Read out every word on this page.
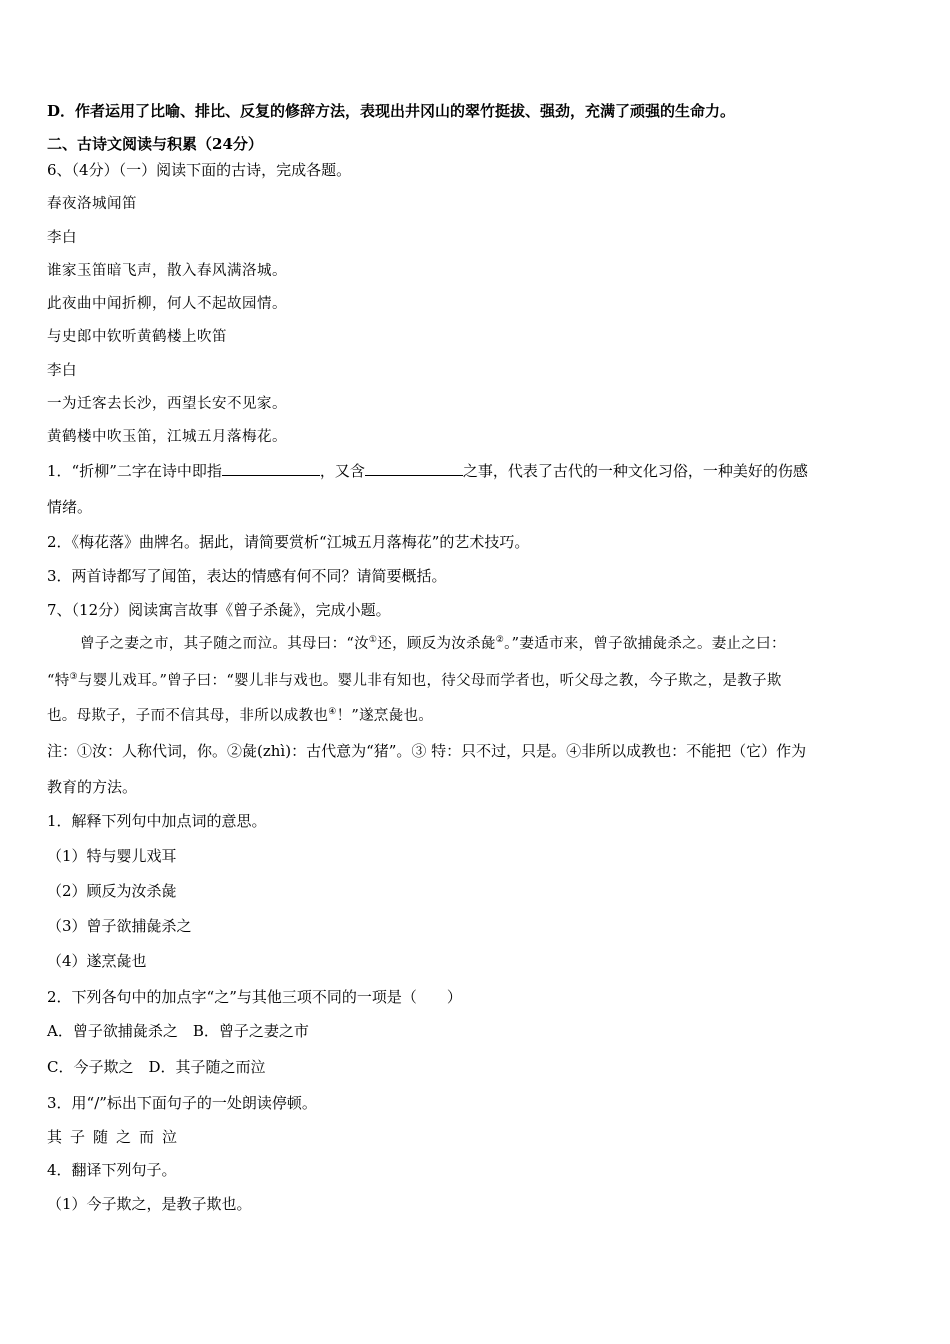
D．作者运用了比喻、排比、反复的修辞方法，表现出井冈山的翠竹挺拔、强劲，充满了顽强的生命力。
二、古诗文阅读与积累（24分）
6、（4分）（一）阅读下面的古诗，完成各题。
春夜洛城闻笛
李白
谁家玉笛暗飞声，散入春风满洛城。
此夜曲中闻折柳，何人不起故园情。
与史郎中钦听黄鹤楼上吹笛
李白
一为迁客去长沙，西望长安不见家。
黄鹤楼中吹玉笛，江城五月落梅花。
1．“折柳”二字在诗中即指	，又含	之事，代表了古代的一种文化习俗，一种美好的伤感
情绪。
2．《梅花落》曲牌名。据此，请简要赏析“江城五月落梅花”的艺术技巧。
3．两首诗都写了闻笛，表达的情感有何不同？请简要概括。
7、（12分）阅读寓言故事《曾子杀彘》，完成小题。
曾子之妻之市，其子随之而泣。其母曰：“汝①还，顾反为汝杀彘②。”妻适市来，曾子欲捕彘杀之。妻止之曰：
“特③与婴儿戏耳。”曾子曰：“婴儿非与戏也。婴儿非有知也，待父母而学者也，听父母之教，今子欺之，是教子欺
也。母欺子，子而不信其母，非所以成教也④！”遂烹彘也。
注：①汝：人称代词，你。②彘(zhì)：古代意为“猪”。③ 特：只不过，只是。④非所以成教也：不能把（它）作为
教育的方法。
1．解释下列句中加点词的意思。
（1）特与婴儿戏耳
（2）顾反为汝杀彘
（3）曾子欲捕彘杀之
（4）遂烹彘也
2．下列各句中的加点字“之”与其他三项不同的一项是（　　）
A．曾子欲捕彘杀之　B．曾子之妻之市
C．今子欺之　D．其子随之而泣
3．用“/”标出下面句子的一处朗读停顿。
其子随之而泣
4．翻译下列句子。
（1）今子欺之，是教子欺也。
